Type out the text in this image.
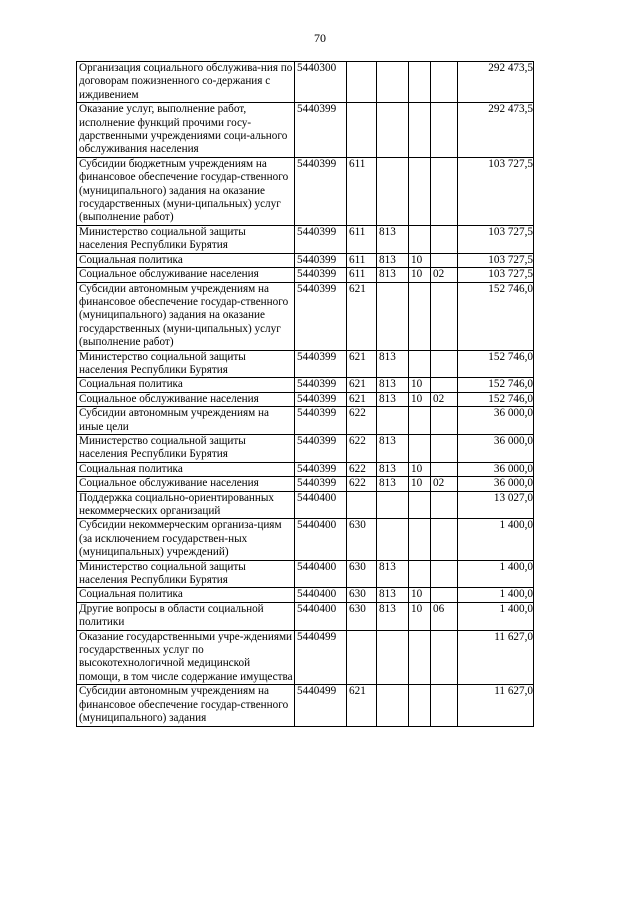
70
Организация социального обслужива-ния по договорам пожизненного со-держания с иждивением	5440300					292 473,5
Оказание услуг, выполнение работ, исполнение функций прочими госу-дарственными учреждениями соци-ального обслуживания населения	5440399					292 473,5
Субсидии бюджетным учреждениям на финансовое обеспечение государ-ственного (муниципального) задания на оказание государственных (муни-ципальных) услуг (выполнение работ)	5440399	611				103 727,5
Министерство социальной защиты населения Республики Бурятия	5440399	611	813			103 727,5
Социальная политика	5440399	611	813	10		103 727,5
Социальное обслуживание населения	5440399	611	813	10	02	103 727,5
Субсидии автономным учреждениям на финансовое обеспечение государ-ственного (муниципального) задания на оказание государственных (муни-ципальных) услуг (выполнение работ)	5440399	621				152 746,0
Министерство социальной защиты населения Республики Бурятия	5440399	621	813			152 746,0
Социальная политика	5440399	621	813	10		152 746,0
Социальное обслуживание населения	5440399	621	813	10	02	152 746,0
Субсидии автономным учреждениям на иные цели	5440399	622				36 000,0
Министерство социальной защиты населения Республики Бурятия	5440399	622	813			36 000,0
Социальная политика	5440399	622	813	10		36 000,0
Социальное обслуживание населения	5440399	622	813	10	02	36 000,0
Поддержка социально-ориентированных некоммерческих организаций	5440400					13 027,0
Субсидии некоммерческим организа-циям (за исключением государствен-ных (муниципальных) учреждений)	5440400	630				1 400,0
Министерство социальной защиты населения Республики Бурятия	5440400	630	813			1 400,0
Социальная политика	5440400	630	813	10		1 400,0
Другие вопросы в области социальной политики	5440400	630	813	10	06	1 400,0
Оказание государственными учре-ждениями государственных услуг по высокотехнологичной медицинской помощи, в том числе содержание имущества	5440499					11 627,0
Субсидии автономным учреждениям на финансовое обеспечение государ-ственного (муниципального) задания	5440499	621				11 627,0
